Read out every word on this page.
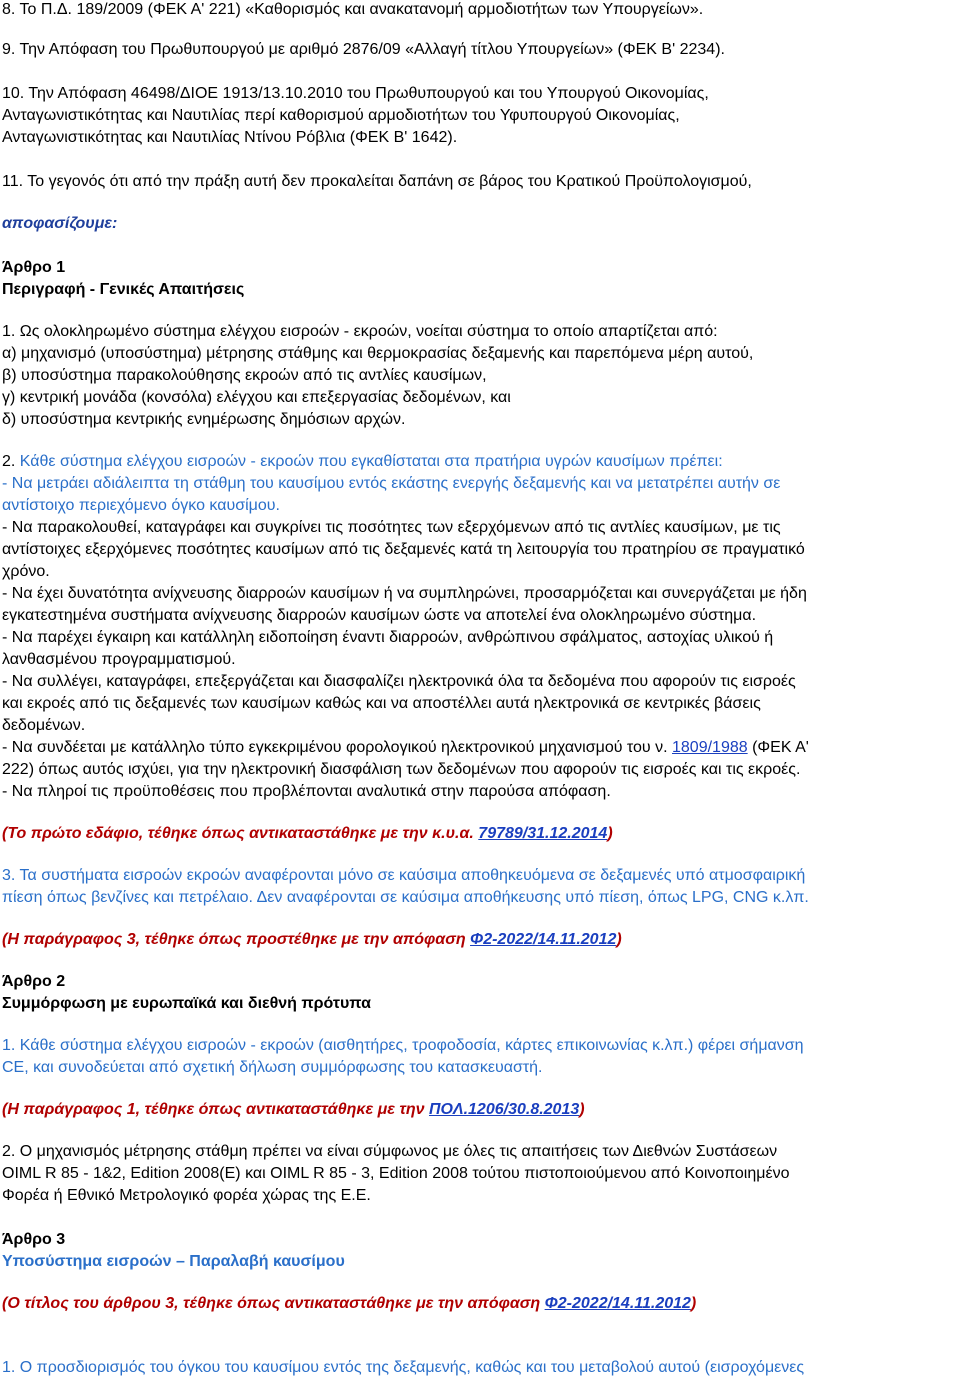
8. Το Π.Δ. 189/2009 (ΦΕΚ Α' 221) «Καθορισμός και ανακατανομή αρμοδιοτήτων των Υπουργείων».
9. Την Απόφαση του Πρωθυπουργού με αριθμό 2876/09 «Αλλαγή τίτλου Υπουργείων» (ΦΕΚ Β' 2234).
10. Την Απόφαση 46498/ΔΙΟΕ 1913/13.10.2010 του Πρωθυπουργού και του Υπουργού Οικονομίας,
Ανταγωνιστικότητας και Ναυτιλίας περί καθορισμού αρμοδιοτήτων του Υφυπουργού Οικονομίας,
Ανταγωνιστικότητας και Ναυτιλίας Ντίνου Ρόβλια (ΦΕΚ Β' 1642).
11. Το γεγονός ότι από την πράξη αυτή δεν προκαλείται δαπάνη σε βάρος του Κρατικού Προϋπολογισμού,
αποφασίζουμε:
Άρθρο 1
Περιγραφή - Γενικές Απαιτήσεις
1. Ως ολοκληρωμένο σύστημα ελέγχου εισροών - εκροών, νοείται σύστημα το οποίο απαρτίζεται από:
α) μηχανισμό (υποσύστημα) μέτρησης στάθμης και θερμοκρασίας δεξαμενής και παρεπόμενα μέρη αυτού,
β) υποσύστημα παρακολούθησης εκροών από τις αντλίες καυσίμων,
γ) κεντρική μονάδα (κονσόλα) ελέγχου και επεξεργασίας δεδομένων, και
δ) υποσύστημα κεντρικής ενημέρωσης δημόσιων αρχών.
2. Κάθε σύστημα ελέγχου εισροών - εκροών που εγκαθίσταται στα πρατήρια υγρών καυσίμων πρέπει:
- Να μετράει αδιάλειπτα τη στάθμη του καυσίμου εντός εκάστης ενεργής δεξαμενής και να μετατρέπει αυτήν σε
αντίστοιχο περιεχόμενο όγκο καυσίμου.
- Να παρακολουθεί, καταγράφει και συγκρίνει τις ποσότητες των εξερχόμενων από τις αντλίες καυσίμων, με τις
αντίστοιχες εξερχόμενες ποσότητες καυσίμων από τις δεξαμενές κατά τη λειτουργία του πρατηρίου σε πραγματικό
χρόνο.
- Να έχει δυνατότητα ανίχνευσης διαρροών καυσίμων ή να συμπληρώνει, προσαρμόζεται και συνεργάζεται με ήδη
εγκατεστημένα συστήματα ανίχνευσης διαρροών καυσίμων ώστε να αποτελεί ένα ολοκληρωμένο σύστημα.
- Να παρέχει έγκαιρη και κατάλληλη ειδοποίηση έναντι διαρροών, ανθρώπινου σφάλματος, αστοχίας υλικού ή
λανθασμένου προγραμματισμού.
- Να συλλέγει, καταγράφει, επεξεργάζεται και διασφαλίζει ηλεκτρονικά όλα τα δεδομένα που αφορούν τις εισροές
και εκροές από τις δεξαμενές των καυσίμων καθώς και να αποστέλλει αυτά ηλεκτρονικά σε κεντρικές βάσεις
δεδομένων.
- Να συνδέεται με κατάλληλο τύπο εγκεκριμένου φορολογικού ηλεκτρονικού μηχανισμού του ν. 1809/1988 (ΦΕΚ Α'
222) όπως αυτός ισχύει, για την ηλεκτρονική διασφάλιση των δεδομένων που αφορούν τις εισροές και τις εκροές.
- Να πληροί τις προϋποθέσεις που προβλέπονται αναλυτικά στην παρούσα απόφαση.
(Το πρώτο εδάφιο, τέθηκε όπως αντικαταστάθηκε με την κ.υ.α. 79789/31.12.2014)
3. Τα συστήματα εισροών εκροών αναφέρονται μόνο σε καύσιμα αποθηκευόμενα σε δεξαμενές υπό ατμοσφαιρική
πίεση όπως βενζίνες και πετρέλαιο. Δεν αναφέρονται σε καύσιμα αποθήκευσης υπό πίεση, όπως LPG, CNG κ.λπ.
(Η παράγραφος 3, τέθηκε όπως προστέθηκε με την απόφαση Φ2-2022/14.11.2012)
Άρθρο 2
Συμμόρφωση με ευρωπαϊκά και διεθνή πρότυπα
1. Κάθε σύστημα ελέγχου εισροών - εκροών (αισθητήρες, τροφοδοσία, κάρτες επικοινωνίας κ.λπ.) φέρει σήμανση
CE, και συνοδεύεται από σχετική δήλωση συμμόρφωσης του κατασκευαστή.
(Η παράγραφος 1, τέθηκε όπως αντικαταστάθηκε με την ΠΟΛ.1206/30.8.2013)
2. Ο μηχανισμός μέτρησης στάθμη πρέπει να είναι σύμφωνος με όλες τις απαιτήσεις των Διεθνών Συστάσεων
OIML R 85 - 1&2, Edition 2008(E) και OIML R 85 - 3, Edition 2008 τούτου πιστοποιούμενου από Κοινοποιημένο
Φορέα ή Εθνικό Μετρολογικό φορέα χώρας της Ε.Ε.
Άρθρο 3
Υποσύστημα εισροών – Παραλαβή καυσίμου
(Ο τίτλος του άρθρου 3, τέθηκε όπως αντικαταστάθηκε με την απόφαση Φ2-2022/14.11.2012)
1. Ο προσδιορισμός του όγκου του καυσίμου εντός της δεξαμενής, καθώς και του μεταβολού αυτού (εισροχόμενες
